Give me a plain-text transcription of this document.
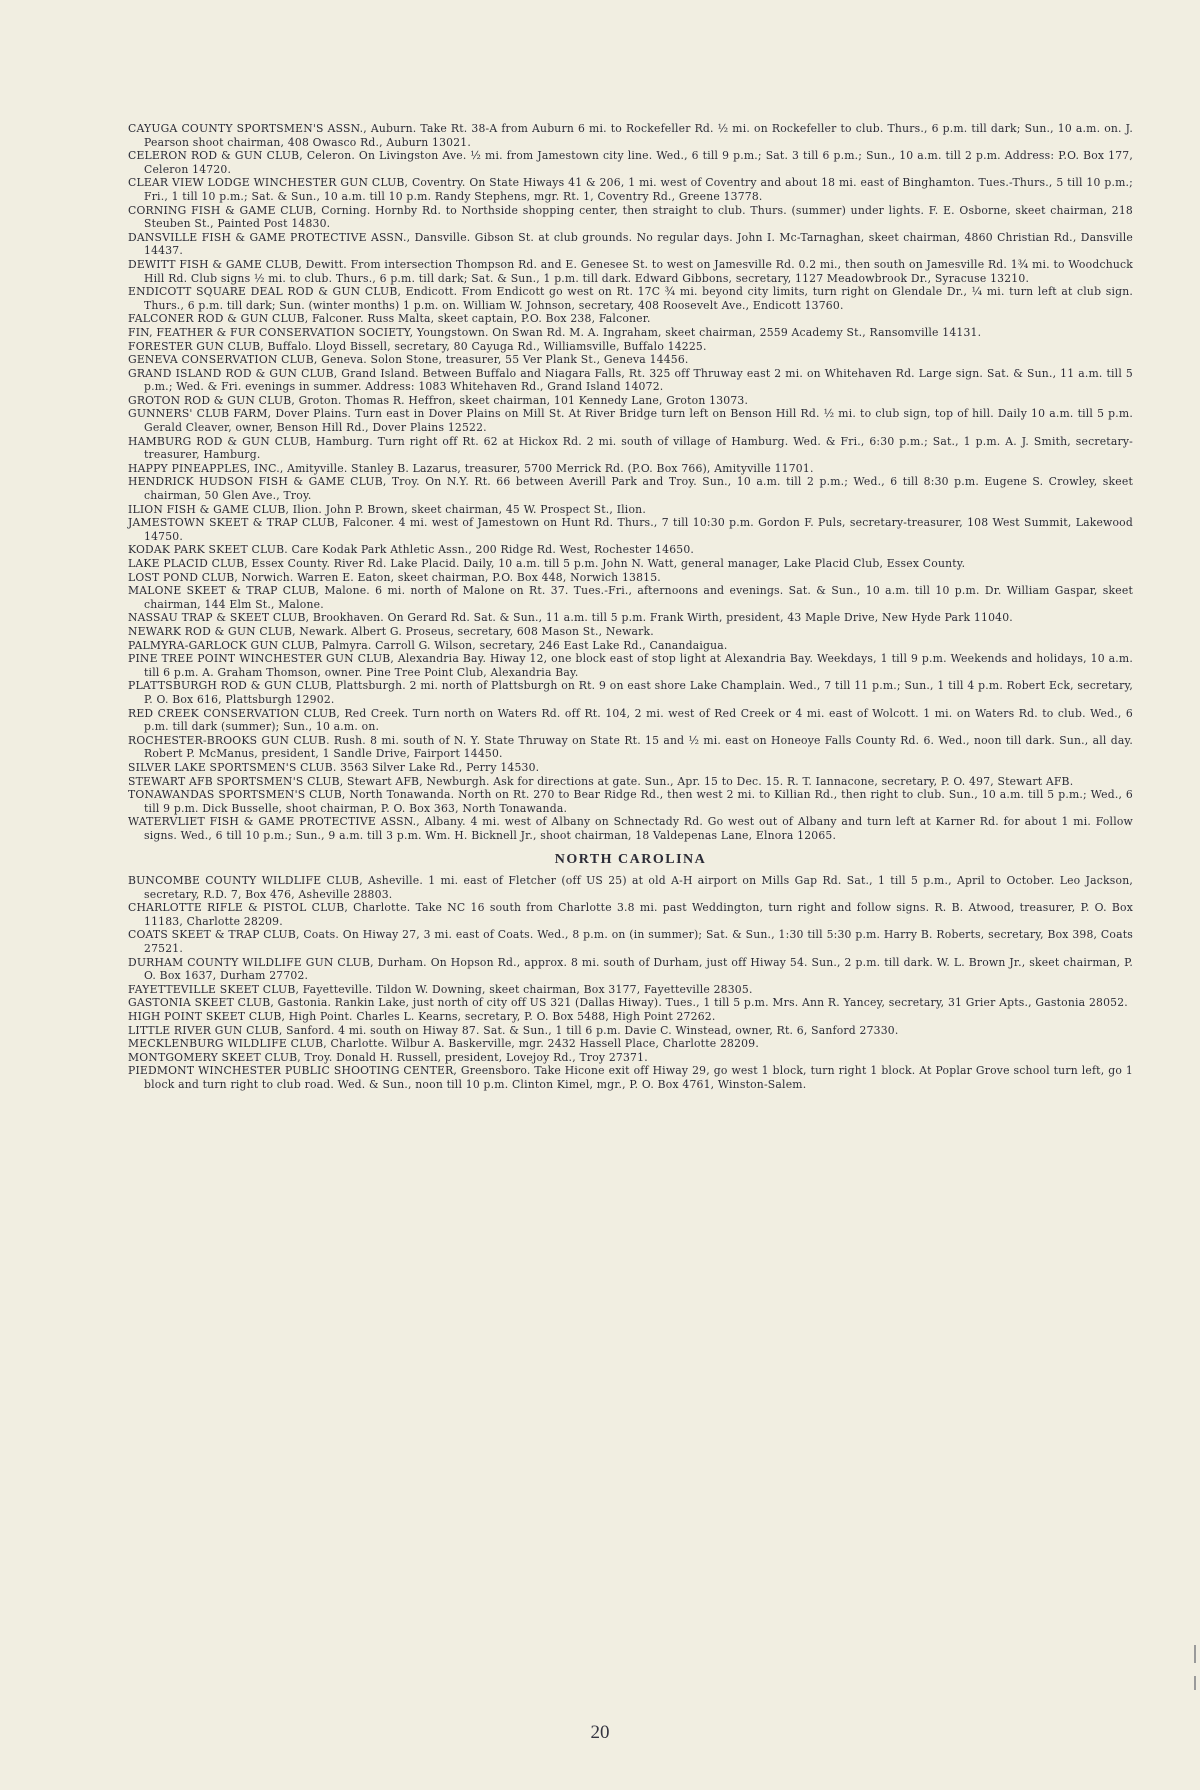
CAYUGA COUNTY SPORTSMEN'S ASSN., Auburn. Take Rt. 38-A from Auburn 6 mi. to Rockefeller Rd. ½ mi. on Rockefeller to club. Thurs., 6 p.m. till dark; Sun., 10 a.m. on. J. Pearson shoot chairman, 408 Owasco Rd., Auburn 13021.

CELERON ROD & GUN CLUB, Celeron. On Livingston Ave. ½ mi. from Jamestown city line. Wed., 6 till 9 p.m.; Sat. 3 till 6 p.m.; Sun., 10 a.m. till 2 p.m. Address: P.O. Box 177, Celeron 14720.

CLEAR VIEW LODGE WINCHESTER GUN CLUB, Coventry. On State Hiways 41 & 206, 1 mi. west of Coventry and about 18 mi. east of Binghamton. Tues.-Thurs., 5 till 10 p.m.; Fri., 1 till 10 p.m.; Sat. & Sun., 10 a.m. till 10 p.m. Randy Stephens, mgr. Rt. 1, Coventry Rd., Greene 13778.

CORNING FISH & GAME CLUB, Corning. Hornby Rd. to Northside shopping center, then straight to club. Thurs. (summer) under lights. F. E. Osborne, skeet chairman, 218 Steuben St., Painted Post 14830.

DANSVILLE FISH & GAME PROTECTIVE ASSN., Dansville. Gibson St. at club grounds. No regular days. John I. Mc-Tarnaghan, skeet chairman, 4860 Christian Rd., Dansville 14437.

DEWITT FISH & GAME CLUB, Dewitt. From intersection Thompson Rd. and E. Genesee St. to west on Jamesville Rd. 0.2 mi., then south on Jamesville Rd. 1¾ mi. to Woodchuck Hill Rd. Club signs ½ mi. to club. Thurs., 6 p.m. till dark; Sat. & Sun., 1 p.m. till dark. Edward Gibbons, secretary, 1127 Meadowbrook Dr., Syracuse 13210.

ENDICOTT SQUARE DEAL ROD & GUN CLUB, Endicott. From Endicott go west on Rt. 17C ¾ mi. beyond city limits, turn right on Glendale Dr., ¼ mi. turn left at club sign. Thurs., 6 p.m. till dark; Sun. (winter months) 1 p.m. on. William W. Johnson, secretary, 408 Roosevelt Ave., Endicott 13760.

FALCONER ROD & GUN CLUB, Falconer. Russ Malta, skeet captain, P.O. Box 238, Falconer.

FIN, FEATHER & FUR CONSERVATION SOCIETY, Youngstown. On Swan Rd. M. A. Ingraham, skeet chairman, 2559 Academy St., Ransomville 14131.

FORESTER GUN CLUB, Buffalo. Lloyd Bissell, secretary, 80 Cayuga Rd., Williamsville, Buffalo 14225.

GENEVA CONSERVATION CLUB, Geneva. Solon Stone, treasurer, 55 Ver Plank St., Geneva 14456.

GRAND ISLAND ROD & GUN CLUB, Grand Island. Between Buffalo and Niagara Falls, Rt. 325 off Thruway east 2 mi. on Whitehaven Rd. Large sign. Sat. & Sun., 11 a.m. till 5 p.m.; Wed. & Fri. evenings in summer. Address: 1083 Whitehaven Rd., Grand Island 14072.

GROTON ROD & GUN CLUB, Groton. Thomas R. Heffron, skeet chairman, 101 Kennedy Lane, Groton 13073.

GUNNERS' CLUB FARM, Dover Plains. Turn east in Dover Plains on Mill St. At River Bridge turn left on Benson Hill Rd. ½ mi. to club sign, top of hill. Daily 10 a.m. till 5 p.m. Gerald Cleaver, owner, Benson Hill Rd., Dover Plains 12522.

HAMBURG ROD & GUN CLUB, Hamburg. Turn right off Rt. 62 at Hickox Rd. 2 mi. south of village of Hamburg. Wed. & Fri., 6:30 p.m.; Sat., 1 p.m. A. J. Smith, secretary-treasurer, Hamburg.

HAPPY PINEAPPLES, INC., Amityville. Stanley B. Lazarus, treasurer, 5700 Merrick Rd. (P.O. Box 766), Amityville 11701.

HENDRICK HUDSON FISH & GAME CLUB, Troy. On N.Y. Rt. 66 between Averill Park and Troy. Sun., 10 a.m. till 2 p.m.; Wed., 6 till 8:30 p.m. Eugene S. Crowley, skeet chairman, 50 Glen Ave., Troy.

ILION FISH & GAME CLUB, Ilion. John P. Brown, skeet chairman, 45 W. Prospect St., Ilion.

JAMESTOWN SKEET & TRAP CLUB, Falconer. 4 mi. west of Jamestown on Hunt Rd. Thurs., 7 till 10:30 p.m. Gordon F. Puls, secretary-treasurer, 108 West Summit, Lakewood 14750.

KODAK PARK SKEET CLUB. Care Kodak Park Athletic Assn., 200 Ridge Rd. West, Rochester 14650.

LAKE PLACID CLUB, Essex County. River Rd. Lake Placid. Daily, 10 a.m. till 5 p.m. John N. Watt, general manager, Lake Placid Club, Essex County.

LOST POND CLUB, Norwich. Warren E. Eaton, skeet chairman, P.O. Box 448, Norwich 13815.

MALONE SKEET & TRAP CLUB, Malone. 6 mi. north of Malone on Rt. 37. Tues.-Fri., afternoons and evenings. Sat. & Sun., 10 a.m. till 10 p.m. Dr. William Gaspar, skeet chairman, 144 Elm St., Malone.

NASSAU TRAP & SKEET CLUB, Brookhaven. On Gerard Rd. Sat. & Sun., 11 a.m. till 5 p.m. Frank Wirth, president, 43 Maple Drive, New Hyde Park 11040.

NEWARK ROD & GUN CLUB, Newark. Albert G. Proseus, secretary, 608 Mason St., Newark.

PALMYRA-GARLOCK GUN CLUB, Palmyra. Carroll G. Wilson, secretary, 246 East Lake Rd., Canandaigua.

PINE TREE POINT WINCHESTER GUN CLUB, Alexandria Bay. Hiway 12, one block east of stop light at Alexandria Bay. Weekdays, 1 till 9 p.m. Weekends and holidays, 10 a.m. till 6 p.m. A. Graham Thomson, owner. Pine Tree Point Club, Alexandria Bay.

PLATTSBURGH ROD & GUN CLUB, Plattsburgh. 2 mi. north of Plattsburgh on Rt. 9 on east shore Lake Champlain. Wed., 7 till 11 p.m.; Sun., 1 till 4 p.m. Robert Eck, secretary, P. O. Box 616, Plattsburgh 12902.

RED CREEK CONSERVATION CLUB, Red Creek. Turn north on Waters Rd. off Rt. 104, 2 mi. west of Red Creek or 4 mi. east of Wolcott. 1 mi. on Waters Rd. to club. Wed., 6 p.m. till dark (summer); Sun., 10 a.m. on.

ROCHESTER-BROOKS GUN CLUB. Rush. 8 mi. south of N. Y. State Thruway on State Rt. 15 and ½ mi. east on Honeoye Falls County Rd. 6. Wed., noon till dark. Sun., all day. Robert P. McManus, president, 1 Sandle Drive, Fairport 14450.

SILVER LAKE SPORTSMEN'S CLUB. 3563 Silver Lake Rd., Perry 14530.

STEWART AFB SPORTSMEN'S CLUB, Stewart AFB, Newburgh. Ask for directions at gate. Sun., Apr. 15 to Dec. 15. R. T. Iannacone, secretary, P. O. 497, Stewart AFB.

TONAWANDAS SPORTSMEN'S CLUB, North Tonawanda. North on Rt. 270 to Bear Ridge Rd., then west 2 mi. to Killian Rd., then right to club. Sun., 10 a.m. till 5 p.m.; Wed., 6 till 9 p.m. Dick Busselle, shoot chairman, P. O. Box 363, North Tonawanda.

WATERVLIET FISH & GAME PROTECTIVE ASSN., Albany. 4 mi. west of Albany on Schnectady Rd. Go west out of Albany and turn left at Karner Rd. for about 1 mi. Follow signs. Wed., 6 till 10 p.m.; Sun., 9 a.m. till 3 p.m. Wm. H. Bicknell Jr., shoot chairman, 18 Valdepenas Lane, Elnora 12065.

NORTH CAROLINA

BUNCOMBE COUNTY WILDLIFE CLUB, Asheville. 1 mi. east of Fletcher (off US 25) at old A-H airport on Mills Gap Rd. Sat., 1 till 5 p.m., April to October. Leo Jackson, secretary, R.D. 7, Box 476, Asheville 28803.

CHARLOTTE RIFLE & PISTOL CLUB, Charlotte. Take NC 16 south from Charlotte 3.8 mi. past Weddington, turn right and follow signs. R. B. Atwood, treasurer, P. O. Box 11183, Charlotte 28209.

COATS SKEET & TRAP CLUB, Coats. On Hiway 27, 3 mi. east of Coats. Wed., 8 p.m. on (in summer); Sat. & Sun., 1:30 till 5:30 p.m. Harry B. Roberts, secretary, Box 398, Coats 27521.

DURHAM COUNTY WILDLIFE GUN CLUB, Durham. On Hopson Rd., approx. 8 mi. south of Durham, just off Hiway 54. Sun., 2 p.m. till dark. W. L. Brown Jr., skeet chairman, P. O. Box 1637, Durham 27702.

FAYETTEVILLE SKEET CLUB, Fayetteville. Tildon W. Downing, skeet chairman, Box 3177, Fayetteville 28305.

GASTONIA SKEET CLUB, Gastonia. Rankin Lake, just north of city off US 321 (Dallas Hiway). Tues., 1 till 5 p.m. Mrs. Ann R. Yancey, secretary, 31 Grier Apts., Gastonia 28052.

HIGH POINT SKEET CLUB, High Point. Charles L. Kearns, secretary, P. O. Box 5488, High Point 27262.

LITTLE RIVER GUN CLUB, Sanford. 4 mi. south on Hiway 87. Sat. & Sun., 1 till 6 p.m. Davie C. Winstead, owner, Rt. 6, Sanford 27330.

MECKLENBURG WILDLIFE CLUB, Charlotte. Wilbur A. Baskerville, mgr. 2432 Hassell Place, Charlotte 28209.

MONTGOMERY SKEET CLUB, Troy. Donald H. Russell, president, Lovejoy Rd., Troy 27371.

PIEDMONT WINCHESTER PUBLIC SHOOTING CENTER, Greensboro. Take Hicone exit off Hiway 29, go west 1 block, turn right 1 block. At Poplar Grove school turn left, go 1 block and turn right to club road. Wed. & Sun., noon till 10 p.m. Clinton Kimel, mgr., P. O. Box 4761, Winston-Salem.

20
